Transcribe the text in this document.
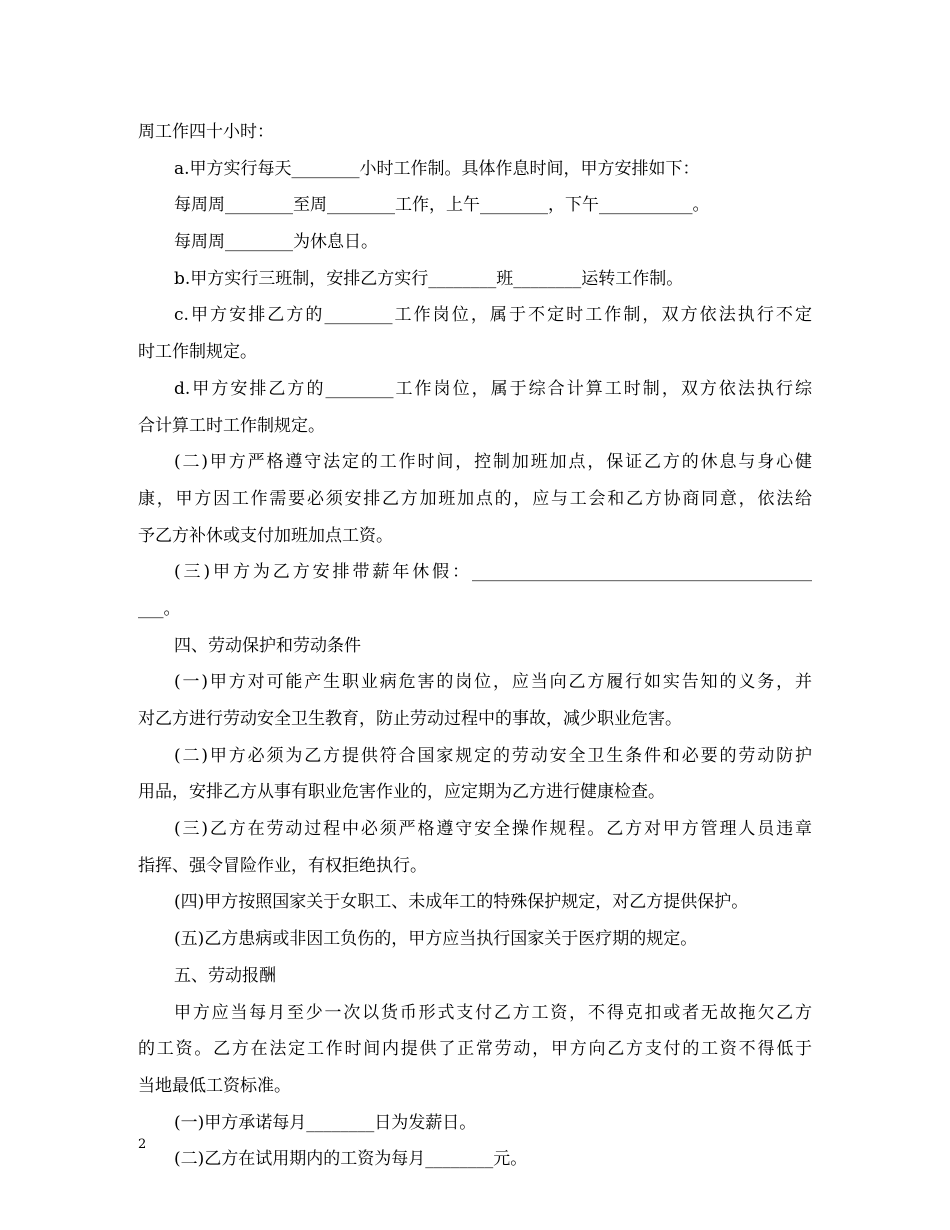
周工作四十小时：
a.甲方实行每天________小时工作制。具体作息时间，甲方安排如下：
每周周________至周________工作，上午________，下午___________。
每周周________为休息日。
b.甲方实行三班制，安排乙方实行________班________运转工作制。
c.甲方安排乙方的________工作岗位，属于不定时工作制，双方依法执行不定
时工作制规定。
d.甲方安排乙方的________工作岗位，属于综合计算工时制，双方依法执行综
合计算工时工作制规定。
(二)甲方严格遵守法定的工作时间，控制加班加点，保证乙方的休息与身心健
康，甲方因工作需要必须安排乙方加班加点的，应与工会和乙方协商同意，依法给
予乙方补休或支付加班加点工资。
(三)甲方为乙方安排带薪年休假：________________________________________
___。
四、劳动保护和劳动条件
(一)甲方对可能产生职业病危害的岗位，应当向乙方履行如实告知的义务，并
对乙方进行劳动安全卫生教育，防止劳动过程中的事故，减少职业危害。
(二)甲方必须为乙方提供符合国家规定的劳动安全卫生条件和必要的劳动防护
用品，安排乙方从事有职业危害作业的，应定期为乙方进行健康检查。
(三)乙方在劳动过程中必须严格遵守安全操作规程。乙方对甲方管理人员违章
指挥、强令冒险作业，有权拒绝执行。
(四)甲方按照国家关于女职工、未成年工的特殊保护规定，对乙方提供保护。
(五)乙方患病或非因工负伤的，甲方应当执行国家关于医疗期的规定。
五、劳动报酬
甲方应当每月至少一次以货币形式支付乙方工资，不得克扣或者无故拖欠乙方
的工资。乙方在法定工作时间内提供了正常劳动，甲方向乙方支付的工资不得低于
当地最低工资标准。
(一)甲方承诺每月________日为发薪日。
(二)乙方在试用期内的工资为每月________元。
2
